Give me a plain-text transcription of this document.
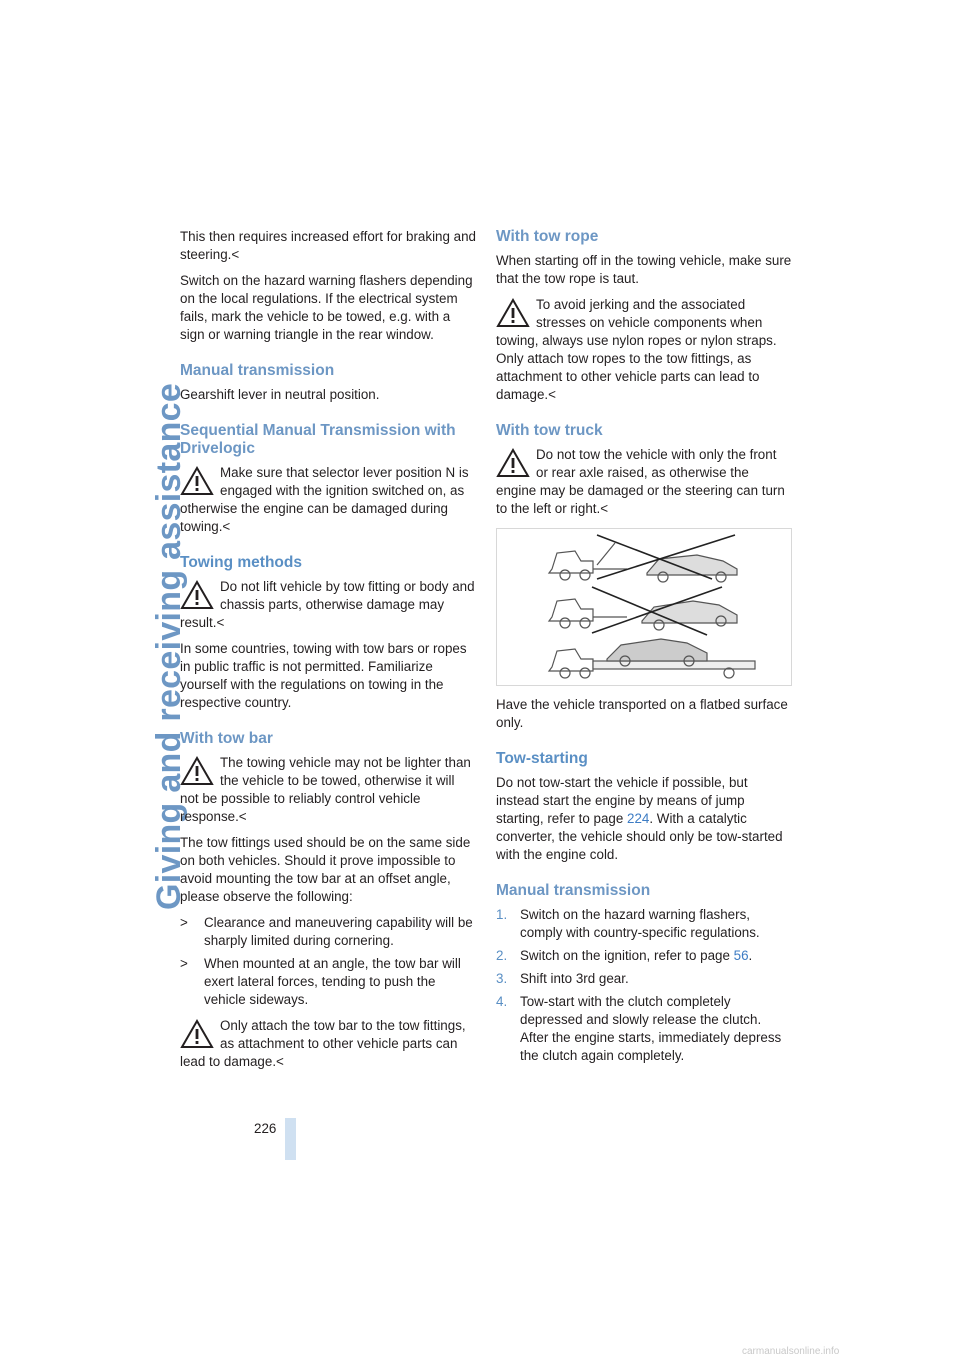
Giving and receiving assistance

This then requires increased effort for braking and steering.<

Switch on the hazard warning flashers depending on the local regulations. If the electrical system fails, mark the vehicle to be towed, e.g. with a sign or warning triangle in the rear window.

Manual transmission

Gearshift lever in neutral position.

Sequential Manual Transmission with Drivelogic
Make sure that selector lever position N is engaged with the ignition switched on, as otherwise the engine can be damaged during towing.<
Towing methods
Do not lift vehicle by tow fitting or body and chassis parts, otherwise damage may result.<

In some countries, towing with tow bars or ropes in public traffic is not permitted. Familiarize yourself with the regulations on towing in the respective country.

With tow bar
The towing vehicle may not be lighter than the vehicle to be towed, otherwise it will not be possible to reliably control vehicle response.<

The tow fittings used should be on the same side on both vehicles. Should it prove impossible to avoid mounting the tow bar at an offset angle, please observe the following:

> Clearance and maneuvering capability will be sharply limited during cornering.
> When mounted at an angle, the tow bar will exert lateral forces, tending to push the vehicle sideways.
Only attach the tow bar to the tow fittings, as attachment to other vehicle parts can lead to damage.<
With tow rope

When starting off in the towing vehicle, make sure that the tow rope is taut.

To avoid jerking and the associated stresses on vehicle components when towing, always use nylon ropes or nylon straps. Only attach tow ropes to the tow fittings, as attachment to other vehicle parts can lead to damage.<
With tow truck
Do not tow the vehicle with only the front or rear axle raised, as otherwise the engine may be damaged or the steering can turn to the left or right.<

Have the vehicle transported on a flatbed surface only.

Tow-starting

Do not tow-start the vehicle if possible, but instead start the engine by means of jump starting, refer to page 224. With a catalytic converter, the vehicle should only be tow-started with the engine cold.

Manual transmission
1. Switch on the hazard warning flashers, comply with country-specific regulations.
2. Switch on the ignition, refer to page 56.
3. Shift into 3rd gear.
4. Tow-start with the clutch completely depressed and slowly release the clutch. After the engine starts, immediately depress the clutch again completely.
226
carmanualsonline.info
